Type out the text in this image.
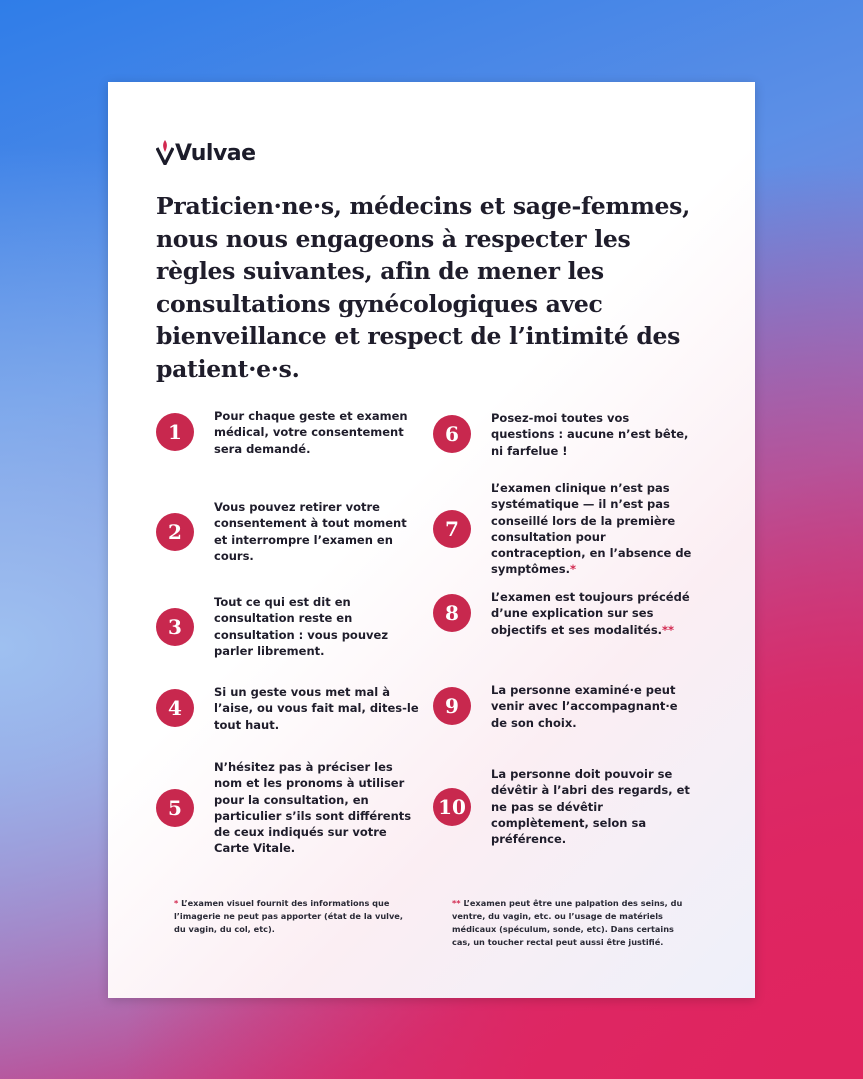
Vulvae
Praticien·ne·s, médecins et sage-femmes, nous nous engageons à respecter les règles suivantes, afin de mener les consultations gynécologiques avec bienveillance et respect de l’intimité des patient·e·s.
1
Pour chaque geste et examen médical, votre consentement sera demandé.
2
Vous pouvez retirer votre consentement à tout moment et interrompre l’examen en cours.
3
Tout ce qui est dit en consultation reste en consultation : vous pouvez parler librement.
4
Si un geste vous met mal à l’aise, ou vous fait mal, dites-le tout haut.
5
N’hésitez pas à préciser les nom et les pronoms à utiliser pour la consultation, en particulier s’ils sont différents de ceux indiqués sur votre Carte Vitale.
6
Posez-moi toutes vos questions : aucune n’est bête, ni farfelue !
7
L’examen clinique n’est pas systématique — il n’est pas conseillé lors de la première consultation pour contraception, en l’absence de symptômes.*
8
L’examen est toujours précédé d’une explication sur ses objectifs et ses modalités.**
9
La personne examiné·e peut venir avec l’accompagnant·e de son choix.
10
La personne doit pouvoir se dévêtir à l’abri des regards, et ne pas se dévêtir complètement, selon sa préférence.
* L’examen visuel fournit des informations que l’imagerie ne peut pas apporter (état de la vulve, du vagin, du col, etc).
** L’examen peut être une palpation des seins, du ventre, du vagin, etc. ou l’usage de matériels médicaux (spéculum, sonde, etc). Dans certains cas, un toucher rectal peut aussi être justifié.
